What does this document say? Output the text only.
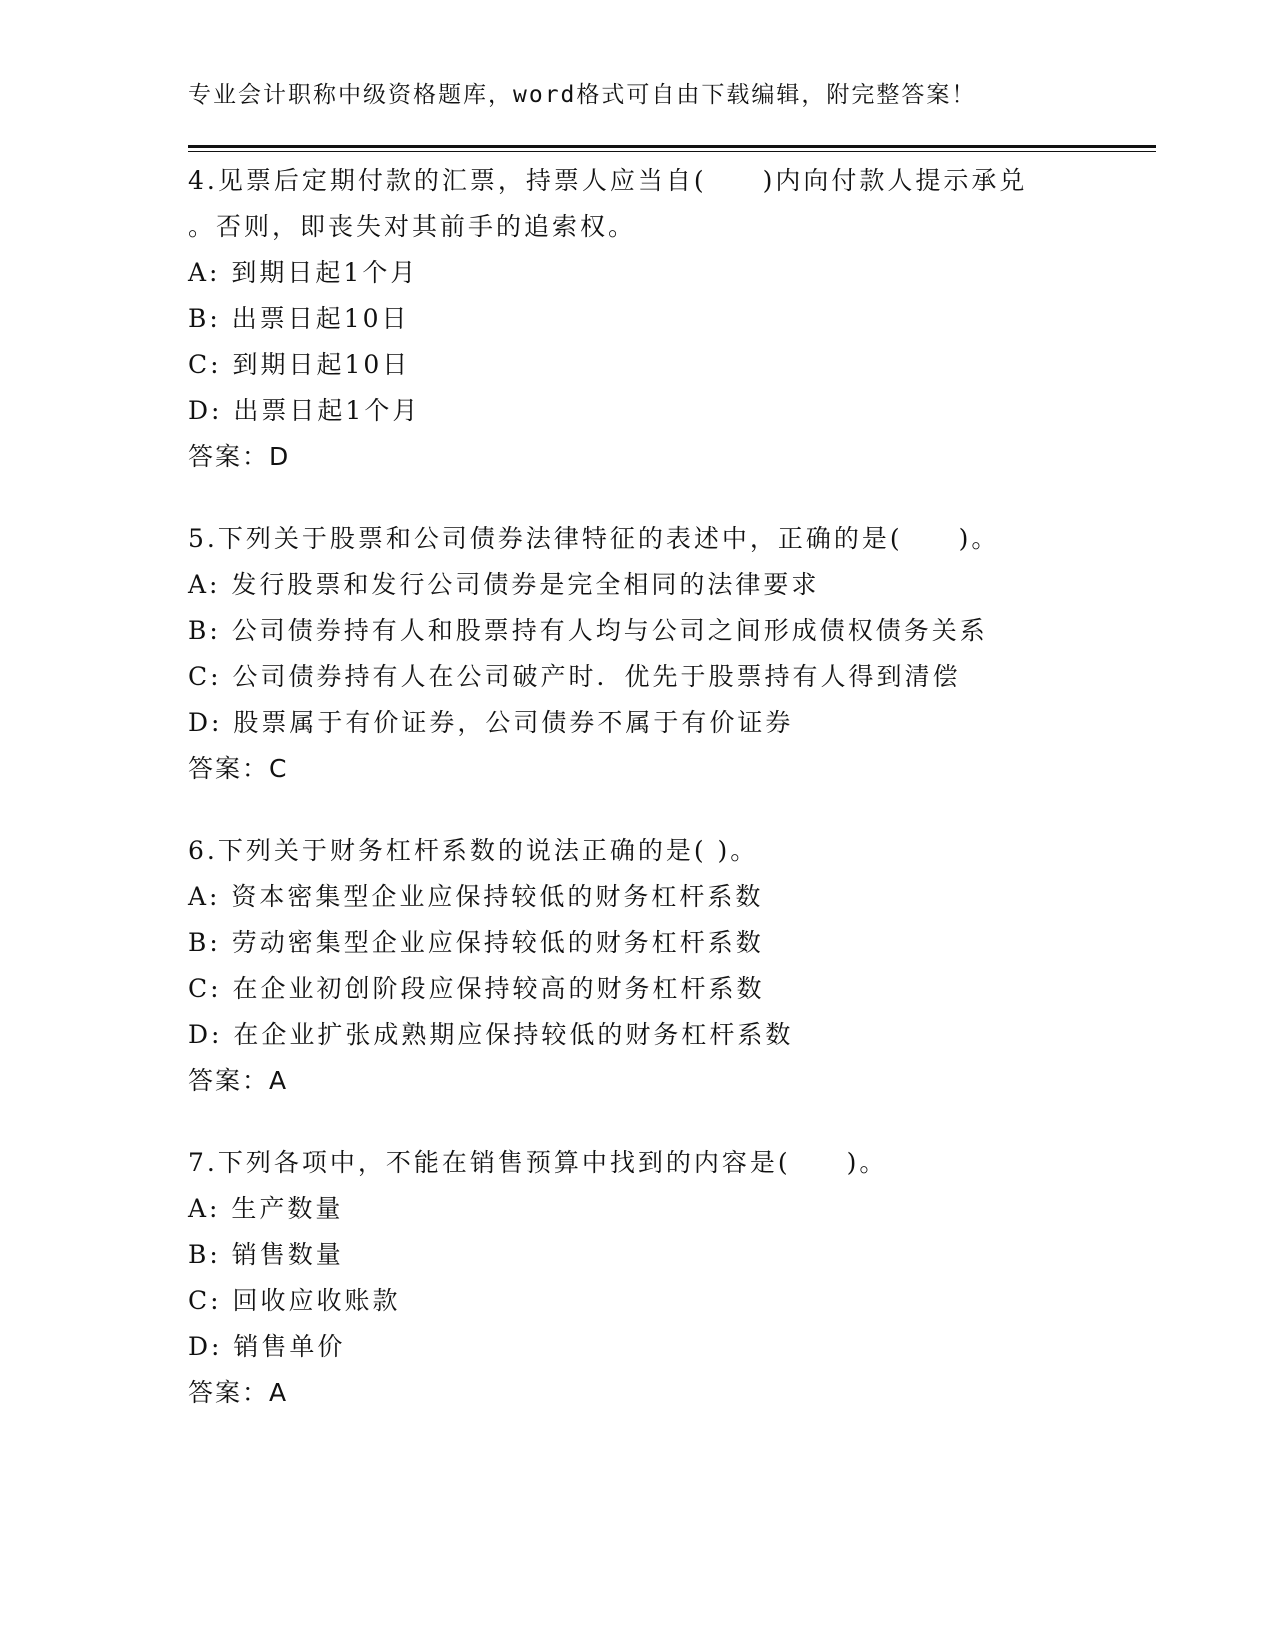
专业会计职称中级资格题库，word格式可自由下载编辑，附完整答案！
4.见票后定期付款的汇票，持票人应当自(　　)内向付款人提示承兑
。否则，即丧失对其前手的追索权。
A: 到期日起1个月
B: 出票日起10日
C: 到期日起10日
D: 出票日起1个月
答案：D
5.下列关于股票和公司债券法律特征的表述中，正确的是(　　)。
A: 发行股票和发行公司债券是完全相同的法律要求
B: 公司债券持有人和股票持有人均与公司之间形成债权债务关系
C: 公司债券持有人在公司破产时．优先于股票持有人得到清偿
D: 股票属于有价证券，公司债券不属于有价证券
答案：C
6.下列关于财务杠杆系数的说法正确的是( )。
A: 资本密集型企业应保持较低的财务杠杆系数
B: 劳动密集型企业应保持较低的财务杠杆系数
C: 在企业初创阶段应保持较高的财务杠杆系数
D: 在企业扩张成熟期应保持较低的财务杠杆系数
答案：A
7.下列各项中，不能在销售预算中找到的内容是(　　)。
A: 生产数量
B: 销售数量
C: 回收应收账款
D: 销售单价
答案：A
